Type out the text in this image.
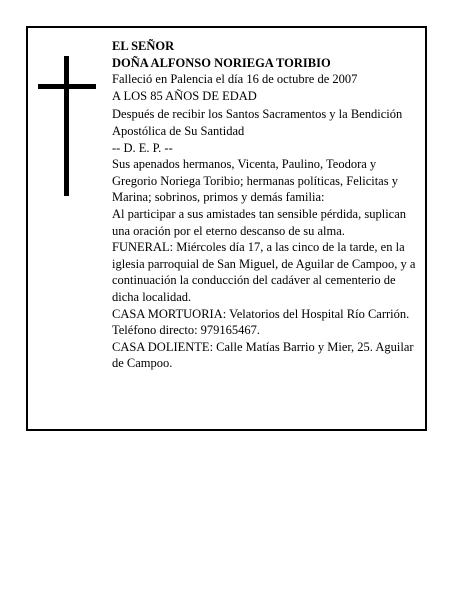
EL SEÑOR

DOÑA ALFONSO NORIEGA TORIBIO

Falleció en Palencia el día 16 de octubre de 2007

A LOS 85 AÑOS DE EDAD

Después de recibir los Santos Sacramentos y la Bendición Apostólica de Su Santidad

-- D. E. P. --

Sus apenados hermanos, Vicenta, Paulino, Teodora y Gregorio Noriega Toribio; hermanas políticas, Felicitas y Marina; sobrinos, primos y demás familia:

Al participar a sus amistades tan sensible pérdida, suplican una oración por el eterno descanso de su alma.

FUNERAL: Miércoles día 17, a las cinco de la tarde, en la iglesia parroquial de San Miguel, de Aguilar de Campoo, y a continuación la conducción del cadáver al cementerio de dicha localidad.

CASA MORTUORIA: Velatorios del Hospital Río Carrión. Teléfono directo: 979165467.

CASA DOLIENTE: Calle Matías Barrio y Mier, 25. Aguilar de Campoo.
